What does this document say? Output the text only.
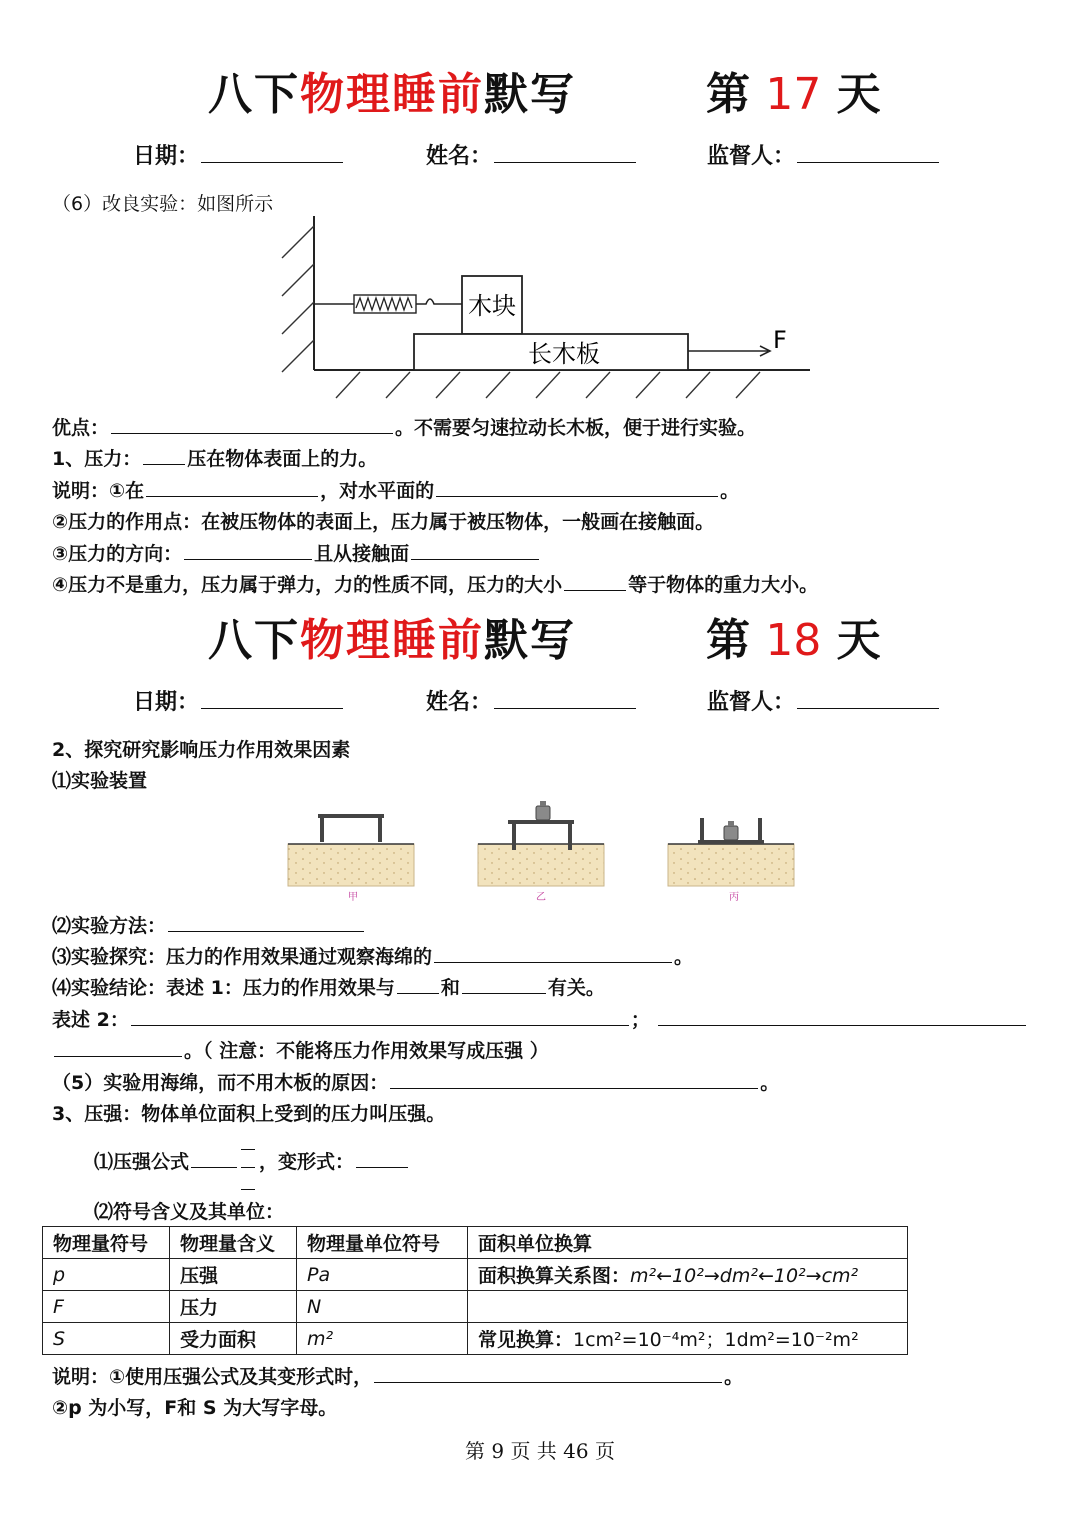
八下物理睡前默写	第 17 天
日期：	姓名：	监督人：
（6）改良实验：如图所示
木块
长木板	F
优点：	。不需要匀速拉动长木板，便于进行实验。
1、压力： 压在物体表面上的力。
说明：①在	，对水平面的	。
②压力的作用点：在被压物体的表面上，压力属于被压物体，一般画在接触面。
③压力的方向：	且从接触面
④压力不是重力，压力属于弹力，力的性质不同，压力的大小	等于物体的重力大小。
八下物理睡前默写	第 18 天
日期：	姓名：	监督人：
2、探究研究影响压力作用效果因素
⑴实验装置
甲	乙	丙
⑵实验方法：
⑶实验探究：压力的作用效果通过观察海绵的	。
⑷实验结论：表述 1：压力的作用效果与 和	有关。
表述 2：	；
。（ 注意：不能将压力作用效果写成压强 ）
（5）实验用海绵，而不用木板的原因：	。
3、压强：物体单位面积上受到的压力叫压强。
⑴压强公式	，变形式：
⑵符号含义及其单位：
物理量符号	物理量含义	物理量单位符号	面积单位换算
p	压强	Pa	面积换算关系图：m²←10²→dm²←10²→cm²
F	压力	N	
S	受力面积	m²	常见换算：1cm²=10⁻⁴m²；1dm²=10⁻²m²
说明：①使用压强公式及其变形式时，	。
②p 为小写，F和 S 为大写字母。
第 9 页 共 46 页
